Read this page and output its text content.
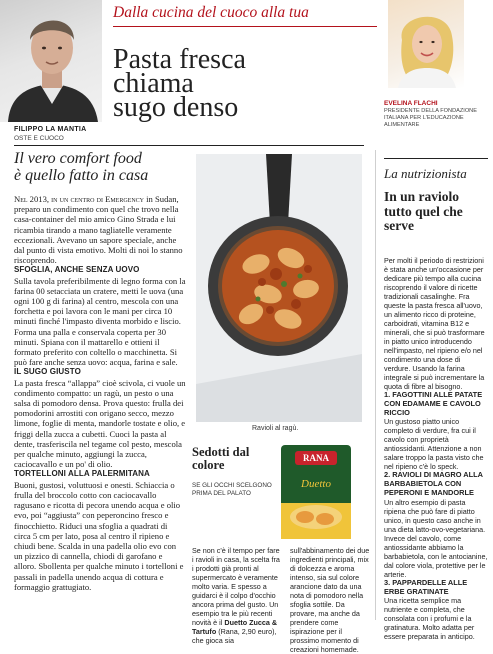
Dalla cucina del cuoco alla tua
Pasta fresca
chiama
sugo denso
FILIPPO LA MANTIA
OSTE E CUOCO
EVELINA FLACHI
PRESIDENTE DELLA FONDAZIONE ITALIANA PER L'EDUCAZIONE ALIMENTARE
Il vero comfort food
è quello fatto in casa

Nel 2013, in un centro di Emergency in Sudan, preparo un condimento con quel che trovo nella casa-container del mio amico Gino Strada e lui ricambia tirando a mano tagliatelle veramente eccezionali. Avevano un sapore speciale, anche dal punto di vista emotivo. Molti di noi lo stanno riscoprendo.

SFOGLIA, ANCHE SENZA UOVO

Sulla tavola preferibilmente di legno forma con la farina 00 setacciata un cratere, metti le uova (una ogni 100 g di farina) al centro, mescola con una forchetta e poi lavora con le mani per circa 10 minuti finché l'impasto diventa morbido e liscio. Forma una palla e conservala coperta per 30 minuti. Spiana con il mattarello e ottieni il formato preferito con coltello o macchinetta. Si può fare anche senza uovo: acqua, farina e sale.

IL SUGO GIUSTO

La pasta fresca “allappa” cioè scivola, ci vuole un condimento compatto: un ragù, un pesto o una salsa di pomodoro densa. Prova questo: frulla dei pomodorini arrostiti con origano secco, mezzo limone, foglie di menta, mandorle tostate e olio, e friggi della zucca a cubetti. Cuoci la pasta al dente, trasferiscila nel tegame col pesto, mescola per qualche minuto, aggiungi la zucca, caciocavallo e un po' di olio.

TORTELLONI ALLA PALERMITANA

Buoni, gustosi, voluttuosi e onesti. Schiaccia o frulla del broccolo cotto con caciocavallo ragusano e ricotta di pecora unendo acqua e olio evo, poi “aggiusta” con peperoncino fresco e finocchietto. Riduci una sfoglia a quadrati di circa 5 cm per lato, posa al centro il ripieno e chiudi bene. Scalda in una padella olio evo con un pizzico di cannella, chiodi di garofano e alloro. Sbollenta per qualche minuto i tortelloni e passali in padella unendo acqua di cottura e formaggio grattugiato.

Ravioli al ragù.
Sedotti dal colore
SE GLI OCCHI SCELGONO PRIMA DEL PALATO
RANA
Duetto
Se non c'è il tempo per fare i ravioli in casa, la scelta fra i prodotti già pronti al supermercato è veramente molto varia. E spesso a guidarci è il colpo d'occhio ancora prima del gusto. Un esempio tra le più recenti novità è il Duetto Zucca & Tartufo (Rana, 2,90 euro), che gioca sia
sull'abbinamento dei due ingredienti principali, mix di dolcezza e aroma intenso, sia sul colore arancione dato da una nota di pomodoro nella sfoglia sottile. Da provare, ma anche da prendere come ispirazione per il prossimo momento di creazioni homemade.
La nutrizionista
In un raviolo tutto quel che serve

Per molti il periodo di restrizioni è stata anche un'occasione per dedicare più tempo alla cucina riscoprendo il valore di ricette tradizionali casalinghe. Fra queste la pasta fresca all'uovo, un alimento ricco di proteine, carboidrati, vitamina B12 e minerali, che si può trasformare in piatto unico introducendo nell'impasto, nel ripieno e/o nel condimento una dose di verdure. Usando la farina integrale si può incrementare la quota di fibre al bisogno.

1. FAGOTTINI ALLE PATATE CON EDAMAME E CAVOLO RICCIO

Un gustoso piatto unico completo di verdure, fra cui il cavolo con proprietà antiossidanti. Attenzione a non salare troppo la pasta visto che nel ripieno c'è lo speck.

2. RAVIOLI DI MAGRO ALLA BARBABIETOLA CON PEPERONI E MANDORLE

Un altro esempio di pasta ripiena che può fare di piatto unico, in questo caso anche in una dieta latto-ovo-vegetariana. Invece del cavolo, come antiossidante abbiamo la barbabietola, con le antocianine, dal colore viola, protettive per le arterie.

3. PAPPARDELLE ALLE ERBE GRATINATE

Una ricetta semplice ma nutriente e completa, che consolata con i profumi e la gratinatura. Molto adatta per essere preparata in anticipo.
